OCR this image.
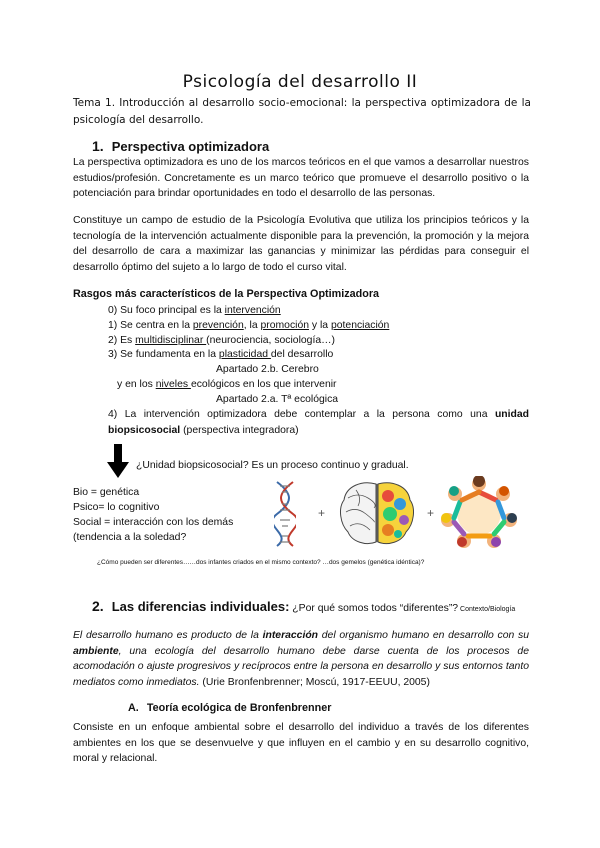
Psicología del desarrollo II
Tema 1. Introducción al desarrollo socio-emocional: la perspectiva optimizadora de la psicología del desarrollo.
1. Perspectiva optimizadora
La perspectiva optimizadora es uno de los marcos teóricos en el que vamos a desarrollar nuestros estudios/profesión. Concretamente es un marco teórico que promueve el desarrollo positivo o la potenciación para brindar oportunidades en todo el desarrollo de las personas.
Constituye un campo de estudio de la Psicología Evolutiva que utiliza los principios teóricos y la tecnología de la intervención actualmente disponible para la prevención, la promoción y la mejora del desarrollo de cara a maximizar las ganancias y minimizar las pérdidas para conseguir el desarrollo óptimo del sujeto a lo largo de todo el curso vital.
Rasgos más característicos de la Perspectiva Optimizadora
0) Su foco principal es la intervención
1) Se centra en la prevención, la promoción y la potenciación
2) Es multidisciplinar (neurociencia, sociología…)
3) Se fundamenta en la plasticidad del desarrollo
Apartado 2.b. Cerebro
y en los niveles ecológicos en los que intervenir
Apartado 2.a. Tª ecológica
4) La intervención optimizadora debe contemplar a la persona como una unidad biopsicosocial (perspectiva integradora)
¿Unidad biopsicosocial? Es un proceso continuo y gradual.
Bio = genética
Psico= lo cognitivo
Social = interacción con los demás
(tendencia a la soledad?
+	+
¿Cómo pueden ser diferentes……dos infantes criados en el mismo contexto? …dos gemelos (genética idéntica)?
2. Las diferencias individuales: ¿Por qué somos todos “diferentes”? Contexto/Biología
El desarrollo humano es producto de la interacción del organismo humano en desarrollo con su ambiente, una ecología del desarrollo humano debe darse cuenta de los procesos de acomodación o ajuste progresivos y recíprocos entre la persona en desarrollo y sus entornos tanto mediatos como inmediatos. (Urie Bronfenbrenner; Moscú, 1917-EEUU, 2005)
A. Teoría ecológica de Bronfenbrenner
Consiste en un enfoque ambiental sobre el desarrollo del individuo a través de los diferentes ambientes en los que se desenvuelve y que influyen en el cambio y en su desarrollo cognitivo, moral y relacional.
